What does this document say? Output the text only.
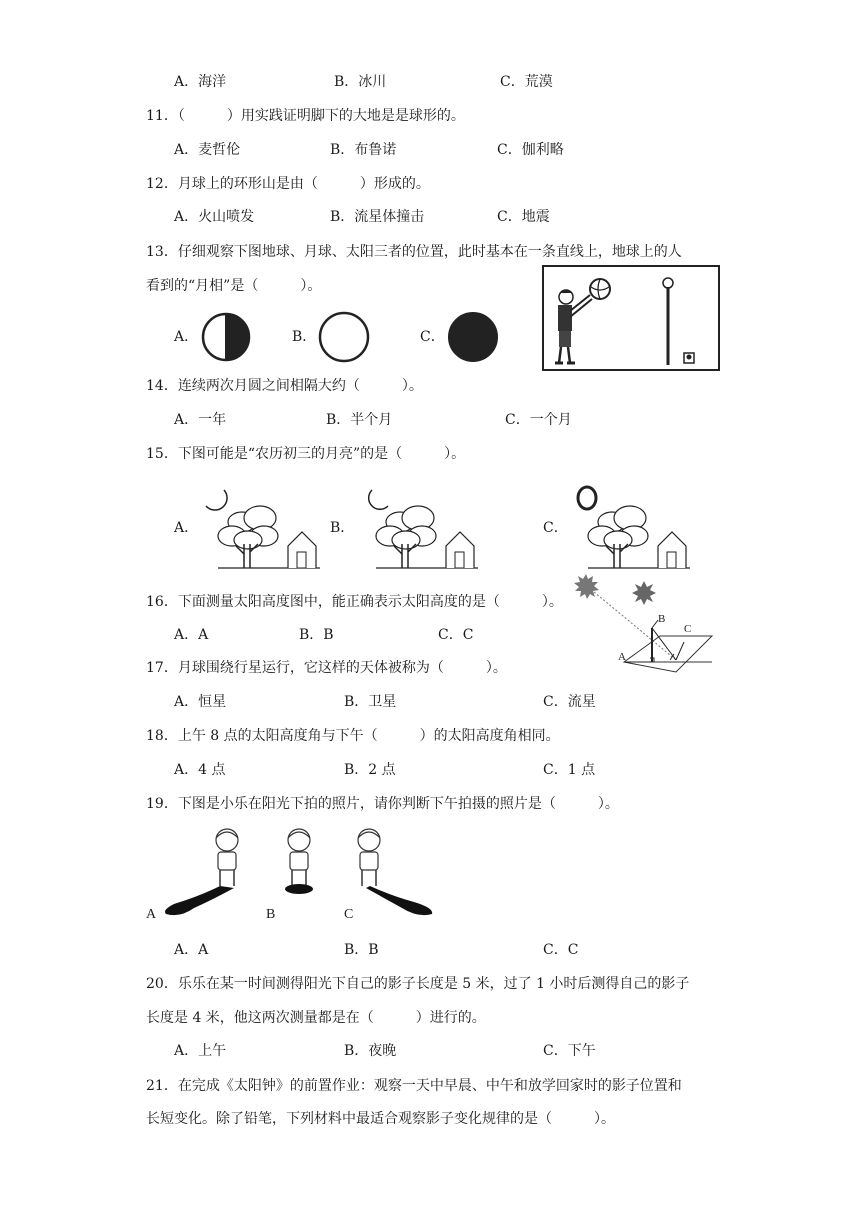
A．海洋	B．冰川	C．荒漠
11．（　　　）用实践证明脚下的大地是是球形的。
A．麦哲伦	B．布鲁诺	C．伽利略
12．月球上的环形山是由（　　　）形成的。
A．火山喷发	B．流星体撞击	C．地震
13．仔细观察下图地球、月球、太阳三者的位置，此时基本在一条直线上，地球上的人
看到的“月相”是（　　　）。
A．	B．	C．
14．连续两次月圆之间相隔大约（　　　）。
A．一年	B．半个月	C．一个月
15．下图可能是“农历初三的月亮”的是（　　　）。
A．	B．	C．
16．下面测量太阳高度图中，能正确表示太阳高度的是（　　　）。
A．A	B．B	C．C
A
B
C
17．月球围绕行星运行，它这样的天体被称为（　　　）。
A．恒星	B．卫星	C．流星
18．上午 8 点的太阳高度角与下午（　　　）的太阳高度角相同。
A．4 点	B．2 点	C．1 点
19．下图是小乐在阳光下拍的照片，请你判断下午拍摄的照片是（　　　）。
A	B	C
A．A	B．B	C．C
20．乐乐在某一时间测得阳光下自己的影子长度是 5 米，过了 1 小时后测得自己的影子
长度是 4 米，他这两次测量都是在（　　　）进行的。
A．上午	B．夜晚	C．下午
21．在完成《太阳钟》的前置作业：观察一天中早晨、中午和放学回家时的影子位置和
长短变化。除了铅笔，下列材料中最适合观察影子变化规律的是（　　　）。
